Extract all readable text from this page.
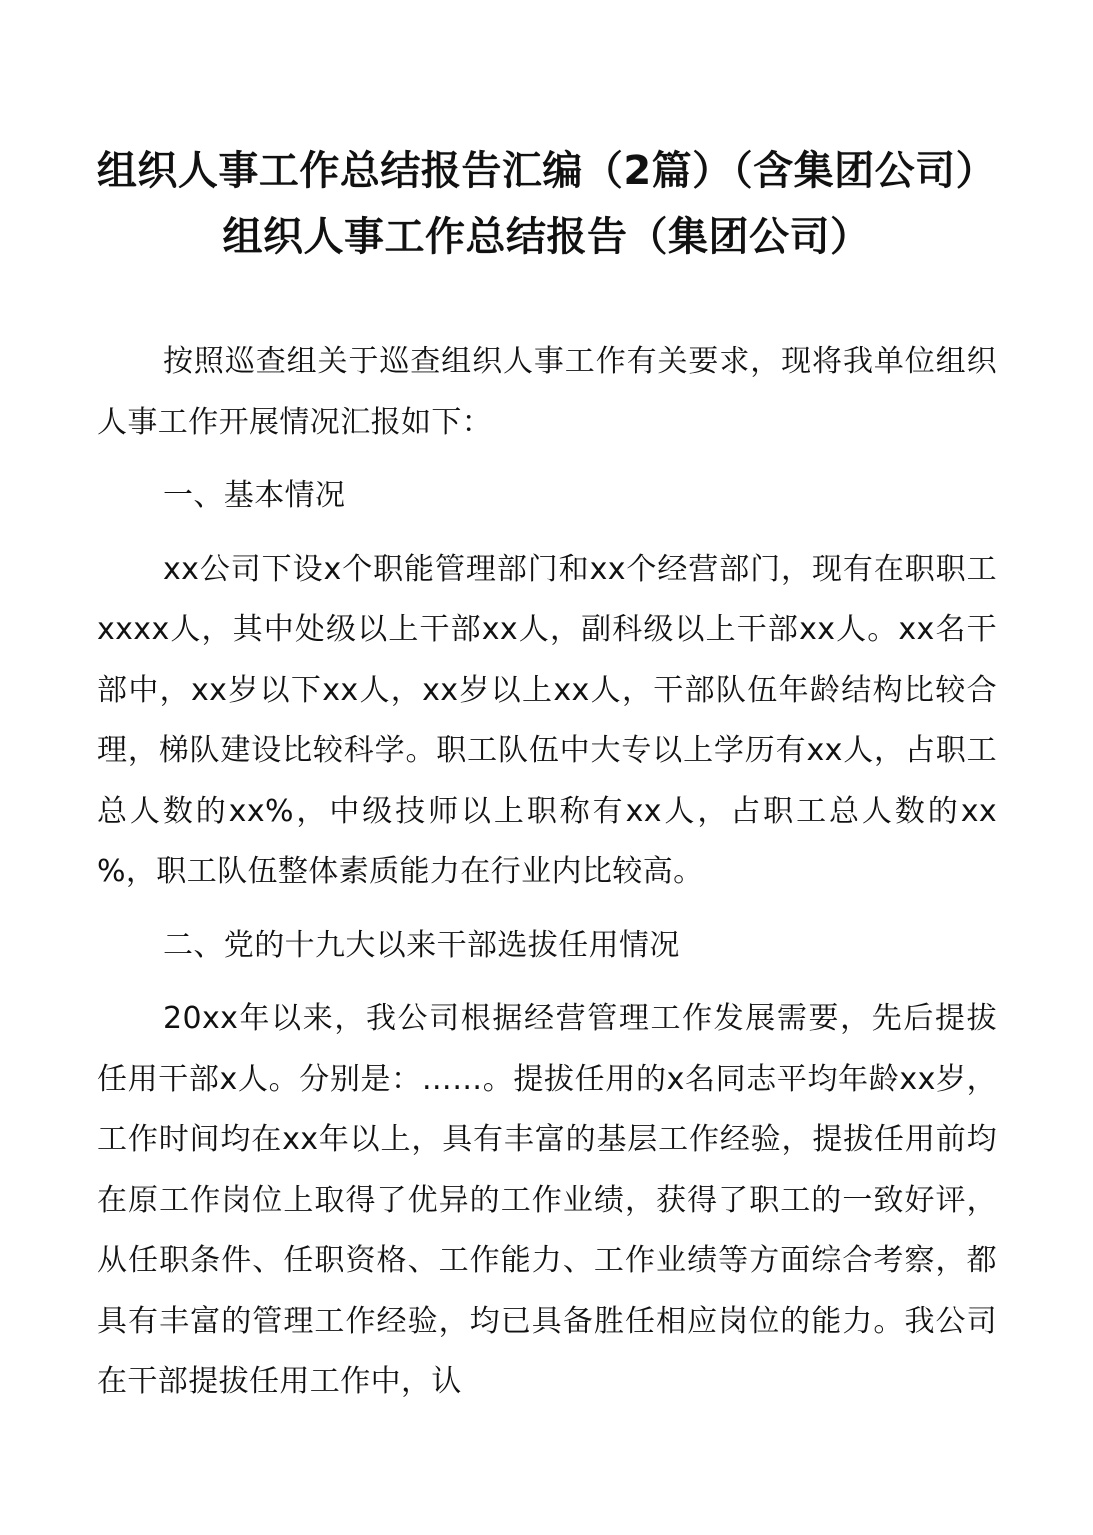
组织人事工作总结报告汇编（2篇）（含集团公司）
组织人事工作总结报告（集团公司）

按照巡查组关于巡查组织人事工作有关要求，现将我单位组织人事工作开展情况汇报如下：

一、基本情况

xx公司下设x个职能管理部门和xx个经营部门，现有在职职工xxxx人，其中处级以上干部xx人，副科级以上干部xx人。xx名干部中，xx岁以下xx人，xx岁以上xx人，干部队伍年龄结构比较合理，梯队建设比较科学。职工队伍中大专以上学历有xx人，占职工总人数的xx%，中级技师以上职称有xx人，占职工总人数的xx %，职工队伍整体素质能力在行业内比较高。

二、党的十九大以来干部选拔任用情况

20xx年以来，我公司根据经营管理工作发展需要，先后提拔任用干部x人。分别是：……。提拔任用的x名同志平均年龄xx岁，工作时间均在xx年以上，具有丰富的基层工作经验，提拔任用前均在原工作岗位上取得了优异的工作业绩，获得了职工的一致好评，从任职条件、任职资格、工作能力、工作业绩等方面综合考察，都具有丰富的管理工作经验，均已具备胜任相应岗位的能力。我公司在干部提拔任用工作中，认
